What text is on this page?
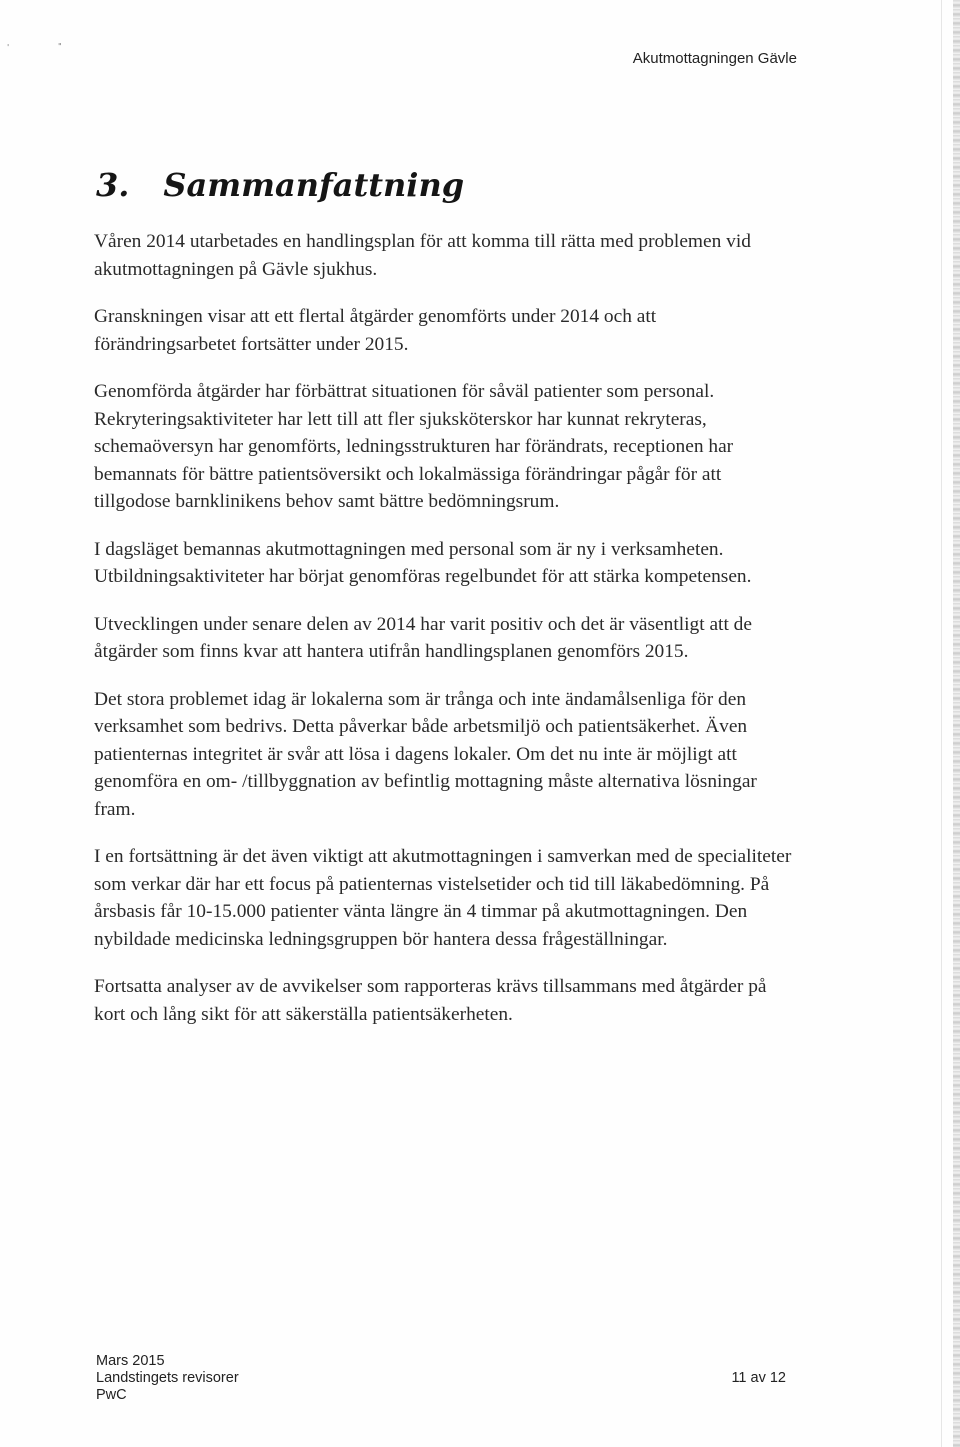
'	"
Akutmottagningen Gävle
3. Sammanfattning

Våren 2014 utarbetades en handlingsplan för att komma till rätta med problemen vid akutmottagningen på Gävle sjukhus.

Granskningen visar att ett flertal åtgärder genomförts under 2014 och att förändringsarbetet fortsätter under 2015.

Genomförda åtgärder har förbättrat situationen för såväl patienter som personal. Rekryteringsaktiviteter har lett till att fler sjuksköterskor har kunnat rekryteras, schemaöversyn har genomförts, ledningsstrukturen har förändrats, receptionen har bemannats för bättre patientsöversikt och lokalmässiga förändringar pågår för att tillgodose barnklinikens behov samt bättre bedömningsrum.

I dagsläget bemannas akutmottagningen med personal som är ny i verksamheten. Utbildningsaktiviteter har börjat genomföras regelbundet för att stärka kompetensen.

Utvecklingen under senare delen av 2014 har varit positiv och det är väsentligt att de åtgärder som finns kvar att hantera utifrån handlingsplanen genomförs 2015.

Det stora problemet idag är lokalerna som är trånga och inte ändamålsenliga för den verksamhet som bedrivs. Detta påverkar både arbetsmiljö och patientsäkerhet. Även patienternas integritet är svår att lösa i dagens lokaler. Om det nu inte är möjligt att genomföra en om- /tillbyggnation av befintlig mottagning måste alternativa lösningar fram.

I en fortsättning är det även viktigt att akutmottagningen i samverkan med de specialiteter som verkar där har ett focus på patienternas vistelsetider och tid till läkabedömning. På årsbasis får 10-15.000 patienter vänta längre än 4 timmar på akutmottagningen. Den nybildade medicinska ledningsgruppen bör hantera dessa frågeställningar.

Fortsatta analyser av de avvikelser som rapporteras krävs tillsammans med åtgärder på kort och lång sikt för att säkerställa patientsäkerheten.

Mars 2015
Landstingets revisorer
PwC
11 av 12
